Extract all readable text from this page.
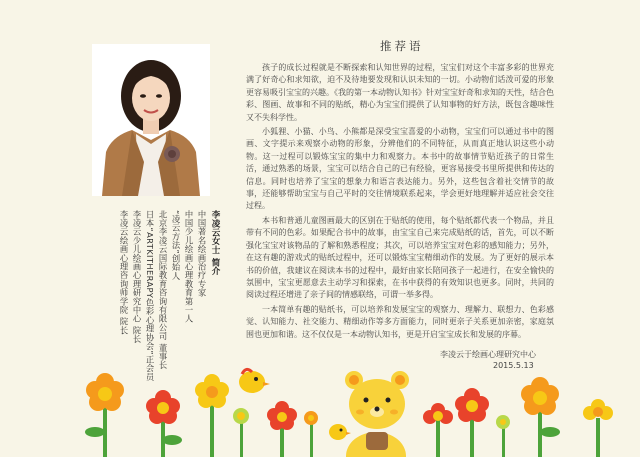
李凌云女士 简介
中国著名绘画治疗专家
中国少儿绘画心理教育第一人
“凌云方法”创始人
北京李凌云国际教育咨询有限公司 董事长
日本“ARTKITHERAPY色彩心理协会”正会员
李凌云少儿绘画心理研究中心 院长
李凌云绘画心理咨询师学院 院长
推荐语

孩子的成长过程就是不断探索和认知世界的过程，宝宝们对这个丰富多彩的世界充满了好奇心和求知欲，迫不及待地要发现和认识未知的一切。小动物们话泼可爱的形象更容易吸引宝宝的兴趣。《我的第一本动物认知书》针对宝宝好奇和求知的天性，结合色彩、图画、故事和不同的贴纸，精心为宝宝们提供了认知事物的好方法，既包含趣味性又不失科学性。

小狐狸、小猫、小鸟、小熊都是深受宝宝喜爱的小动物，宝宝们可以通过书中的图画、文字提示来观察小动物的形象，分辨他们的不同特征，从而真正地认识这些小动物。这一过程可以锻炼宝宝的集中力和观察力。本书中的故事情节贴近孩子的日常生活，通过熟悉的场景，宝宝可以结合自己的已有经验，更容易接受书里所提供和传达的信息。同时也培养了宝宝的想象力和语言表达能力。另外，这些包含着社交情节的故事，还能够帮助宝宝与自己平时的交往情境联系起来，学会更好地理解并适应社会交往过程。

本书和普通儿童图画最大的区别在于贴纸的使用，每个贴纸都代表一个物品，并且带有不同的色彩。如果配合书中的故事，由宝宝自己来完成贴纸的话，首先，可以不断强化宝宝对该物品的了解和熟悉程度；其次，可以培养宝宝对色彩的感知能力；另外，在这有趣的游戏式的贴纸过程中，还可以锻炼宝宝精细动作的发展。为了更好的展示本书的价值，我建议在阅读本书的过程中，最好由家长陪同孩子一起进行，在安全愉快的氛围中，宝宝更愿意去主动学习和探索，在书中获得的有效知识也更多。同时，共同的阅读过程还增进了亲子间的情感联络，可谓一举多得。

一本简单有趣的贴纸书，可以培养和发展宝宝的观察力、理解力、联想力、色彩感觉、认知能力、社交能力、精细动作等多方面能力，同时更亲子关系更加亲密，家庭氛围也更加和谐。这不仅仅是一本动物认知书，更是开启宝宝成长和发展的序幕。

李凌云于绘画心理研究中心
2015.5.13
